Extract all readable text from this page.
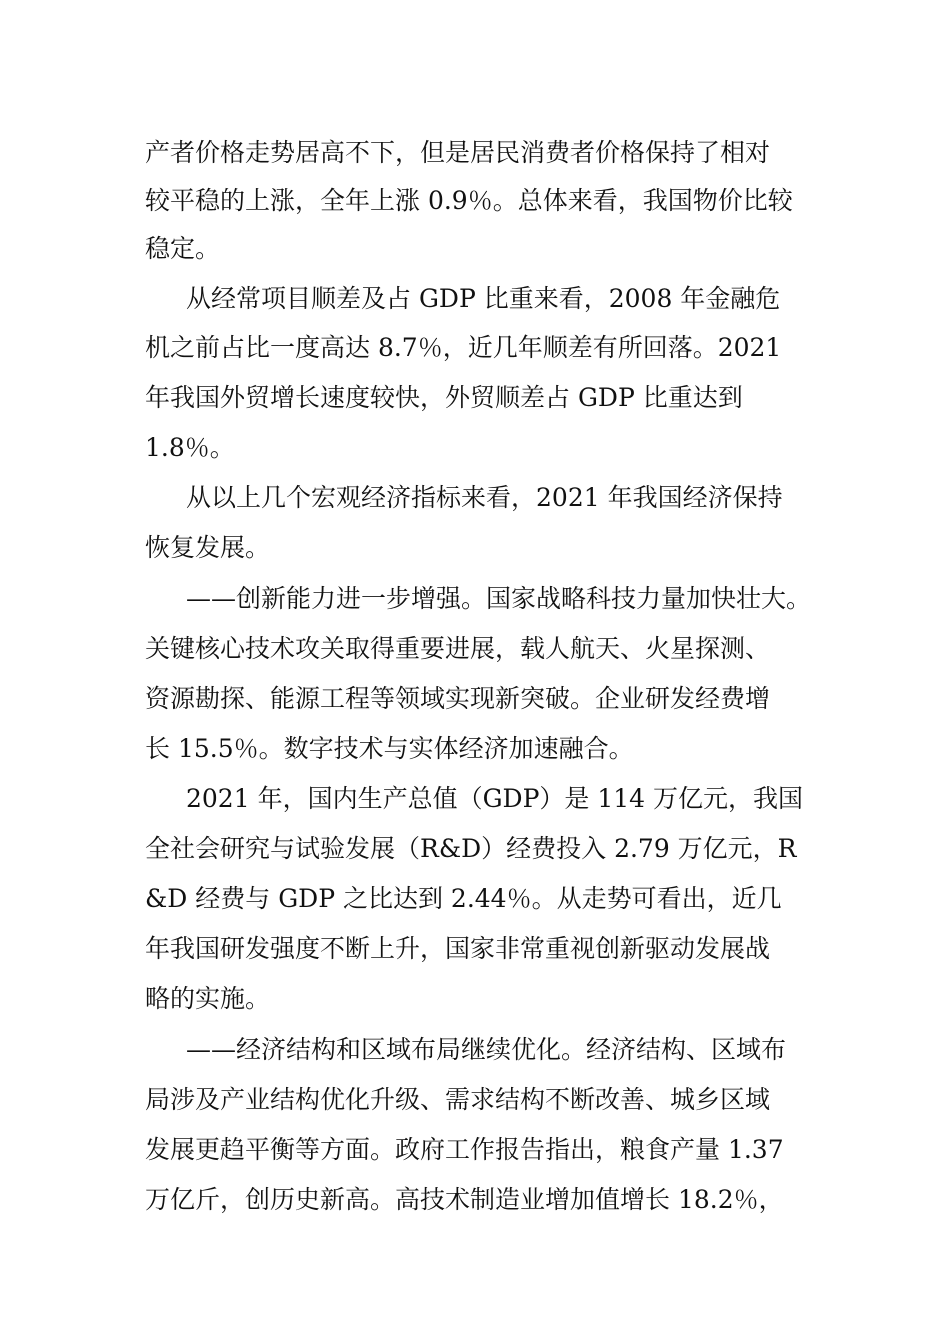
产者价格走势居高不下，但是居民消费者价格保持了相对
较平稳的上涨，全年上涨 0.9％。总体来看，我国物价比较
稳定。
从经常项目顺差及占 GDP 比重来看，2008 年金融危
机之前占比一度高达 8.7％，近几年顺差有所回落。2021
年我国外贸增长速度较快，外贸顺差占 GDP 比重达到
1.8％。
从以上几个宏观经济指标来看，2021 年我国经济保持
恢复发展。
——创新能力进一步增强。国家战略科技力量加快壮大。
关键核心技术攻关取得重要进展，载人航天、火星探测、
资源勘探、能源工程等领域实现新突破。企业研发经费增
长 15.5％。数字技术与实体经济加速融合。
2021 年，国内生产总值（GDP）是 114 万亿元，我国
全社会研究与试验发展（R&D）经费投入 2.79 万亿元，R
&D 经费与 GDP 之比达到 2.44％。从走势可看出，近几
年我国研发强度不断上升，国家非常重视创新驱动发展战
略的实施。
——经济结构和区域布局继续优化。经济结构、区域布
局涉及产业结构优化升级、需求结构不断改善、城乡区域
发展更趋平衡等方面。政府工作报告指出，粮食产量 1.37
万亿斤，创历史新高。高技术制造业增加值增长 18.2％，
